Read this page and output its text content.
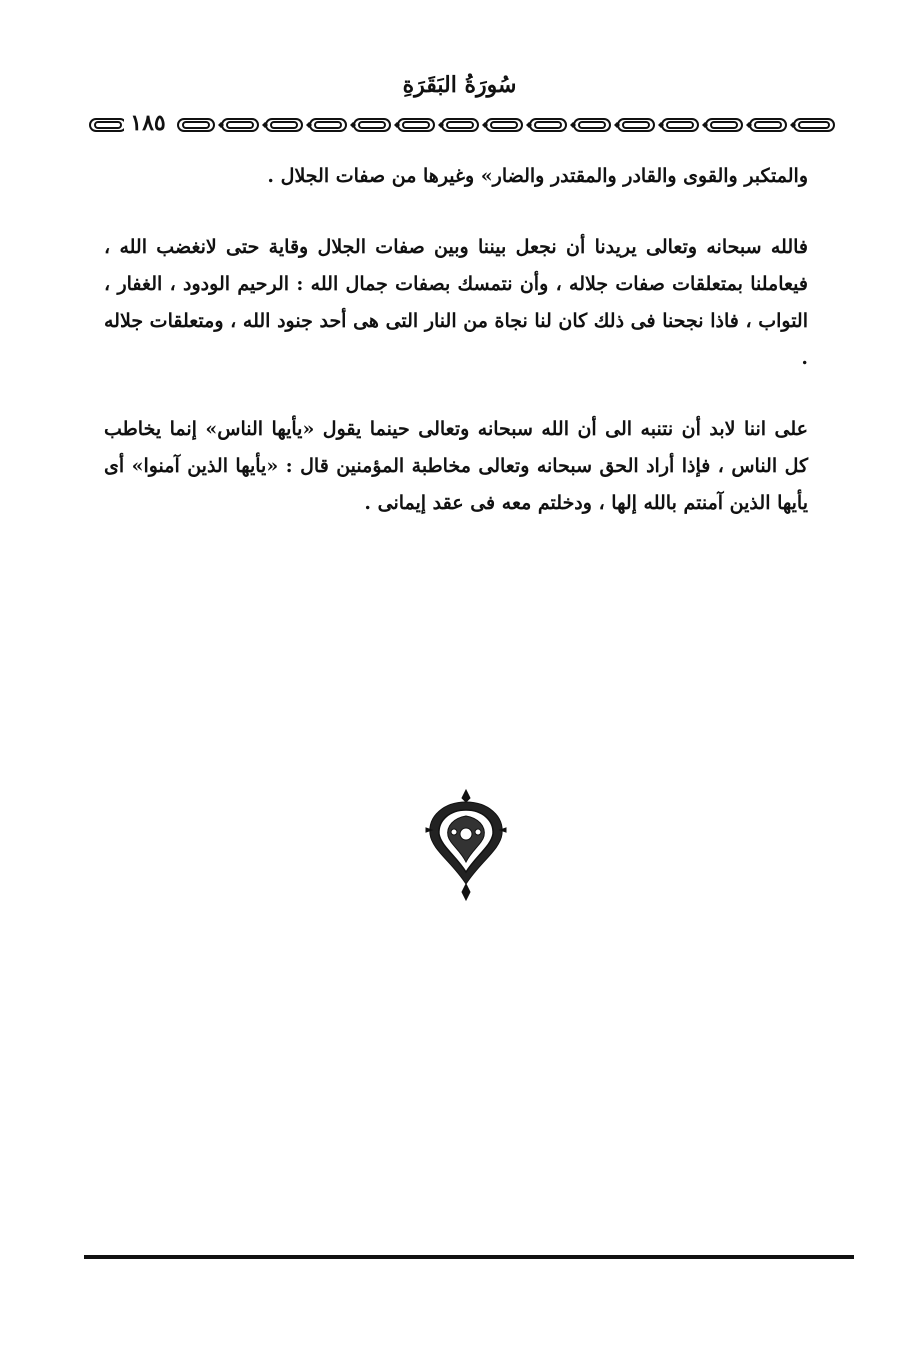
سُورَةُ البَقَرَةِ
١٨٥

والمتكبر والقوى والقادر والمقتدر والضار» وغيرها من صفات الجلال .

فالله سبحانه وتعالى يريدنا أن نجعل بيننا وبين صفات الجلال وقاية حتى لانغضب الله ، فيعاملنا بمتعلقات صفات جلاله ، وأن نتمسك بصفات جمال الله : الرحيم الودود ، الغفار ، التواب ، فاذا نجحنا فى ذلك كان لنا نجاة من النار التى هى أحد جنود الله ، ومتعلقات جلاله .

على اننا لابد أن نتنبه الى أن الله سبحانه وتعالى حينما يقول «يأيها الناس» إنما يخاطب كل الناس ، فإذا أراد الحق سبحانه وتعالى مخاطبة المؤمنين قال : «يأيها الذين آمنوا» أى يأيها الذين آمنتم بالله إلها ، ودخلتم معه فى عقد إيمانى .
